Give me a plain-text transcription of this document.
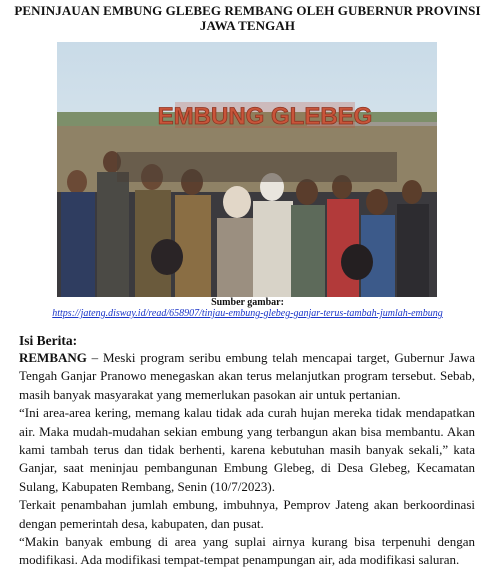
PENINJAUAN EMBUNG GLEBEG REMBANG OLEH GUBERNUR PROVINSI JAWA TENGAH
EMBUNG GLEBEG
Sumber gambar:
https://jateng.disway.id/read/658907/tinjau-embung-glebeg-ganjar-terus-tambah-jumlah-embung
Isi Berita:

REMBANG – Meski program seribu embung telah mencapai target, Gubernur Jawa Tengah Ganjar Pranowo menegaskan akan terus melanjutkan program tersebut. Sebab, masih banyak masyarakat yang memerlukan pasokan air untuk pertanian.

“Ini area-area kering, memang kalau tidak ada curah hujan mereka tidak mendapatkan air. Maka mudah-mudahan sekian embung yang terbangun akan bisa membantu. Akan kami tambah terus dan tidak berhenti, karena kebutuhan masih banyak sekali,” kata Ganjar, saat meninjau pembangunan Embung Glebeg, di Desa Glebeg, Kecamatan Sulang, Kabupaten Rembang, Senin (10/7/2023).

Terkait penambahan jumlah embung, imbuhnya, Pemprov Jateng akan berkoordinasi dengan pemerintah desa, kabupaten, dan pusat.

“Makin banyak embung di area yang suplai airnya kurang bisa terpenuhi dengan modifikasi. Ada modifikasi tempat-tempat penampungan air, ada modifikasi saluran.
